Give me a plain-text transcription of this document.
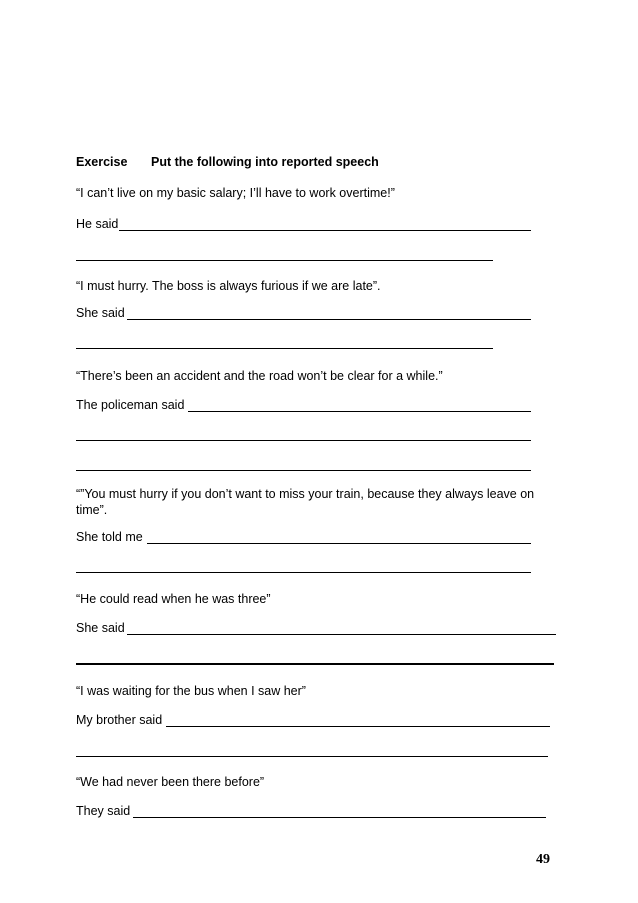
Exercise Put the following into reported speech
“I can’t live on my basic salary; I’ll have to work overtime!”
He said
“I must hurry. The boss is always furious if we are late”.
She said
“There’s been an accident and the road won’t be clear for a while.”
The policeman said
“”You must hurry if you don’t want to miss your train, because they always leave on time”.
She told me
“He could read when he was three”
She said
“I was waiting for the bus when I saw her”
My brother said
“We had never been there before”
They said
49
